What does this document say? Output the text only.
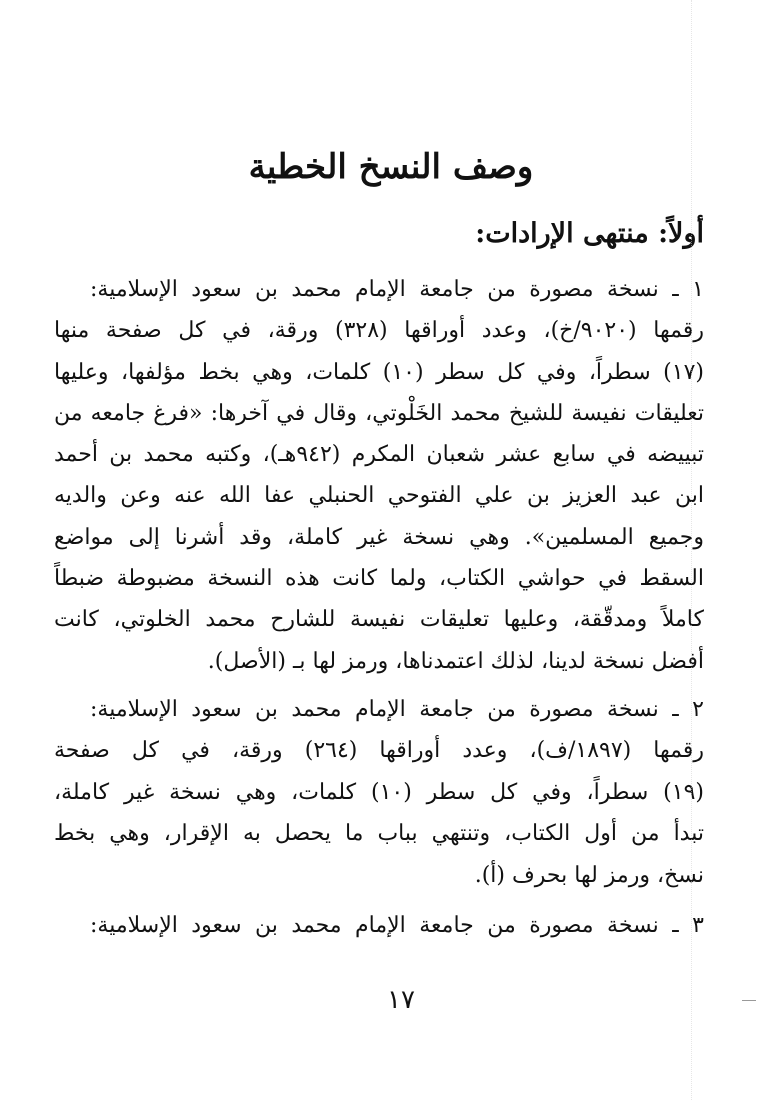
وصف النسخ الخطية
أولاً: منتهى الإرادات:
١ ـ نسخة مصورة من جامعة الإمام محمد بن سعود الإسلامية:
رقمها (٩٠٢٠/خ)، وعدد أوراقها (٣٢٨) ورقة، في كل صفحة منها
(١٧) سطراً، وفي كل سطر (١٠) كلمات، وهي بخط مؤلفها، وعليها
تعليقات نفيسة للشيخ محمد الخَلْوتي، وقال في آخرها: «فرغ جامعه من
تبييضه في سابع عشر شعبان المكرم (٩٤٢هـ)، وكتبه محمد بن أحمد
ابن عبد العزيز بن علي الفتوحي الحنبلي عفا الله عنه وعن والديه
وجميع المسلمين». وهي نسخة غير كاملة، وقد أشرنا إلى مواضع
السقط في حواشي الكتاب، ولما كانت هذه النسخة مضبوطة ضبطاً
كاملاً ومدقّقة، وعليها تعليقات نفيسة للشارح محمد الخلوتي، كانت
أفضل نسخة لدينا، لذلك اعتمدناها، ورمز لها بـ (الأصل).
٢ ـ نسخة مصورة من جامعة الإمام محمد بن سعود الإسلامية:
رقمها (١٨٩٧/ف)، وعدد أوراقها (٢٦٤) ورقة، في كل صفحة
(١٩) سطراً، وفي كل سطر (١٠) كلمات، وهي نسخة غير كاملة،
تبدأ من أول الكتاب، وتنتهي بباب ما يحصل به الإقرار، وهي بخط
نسخ، ورمز لها بحرف (أ).
٣ ـ نسخة مصورة من جامعة الإمام محمد بن سعود الإسلامية:
١٧
